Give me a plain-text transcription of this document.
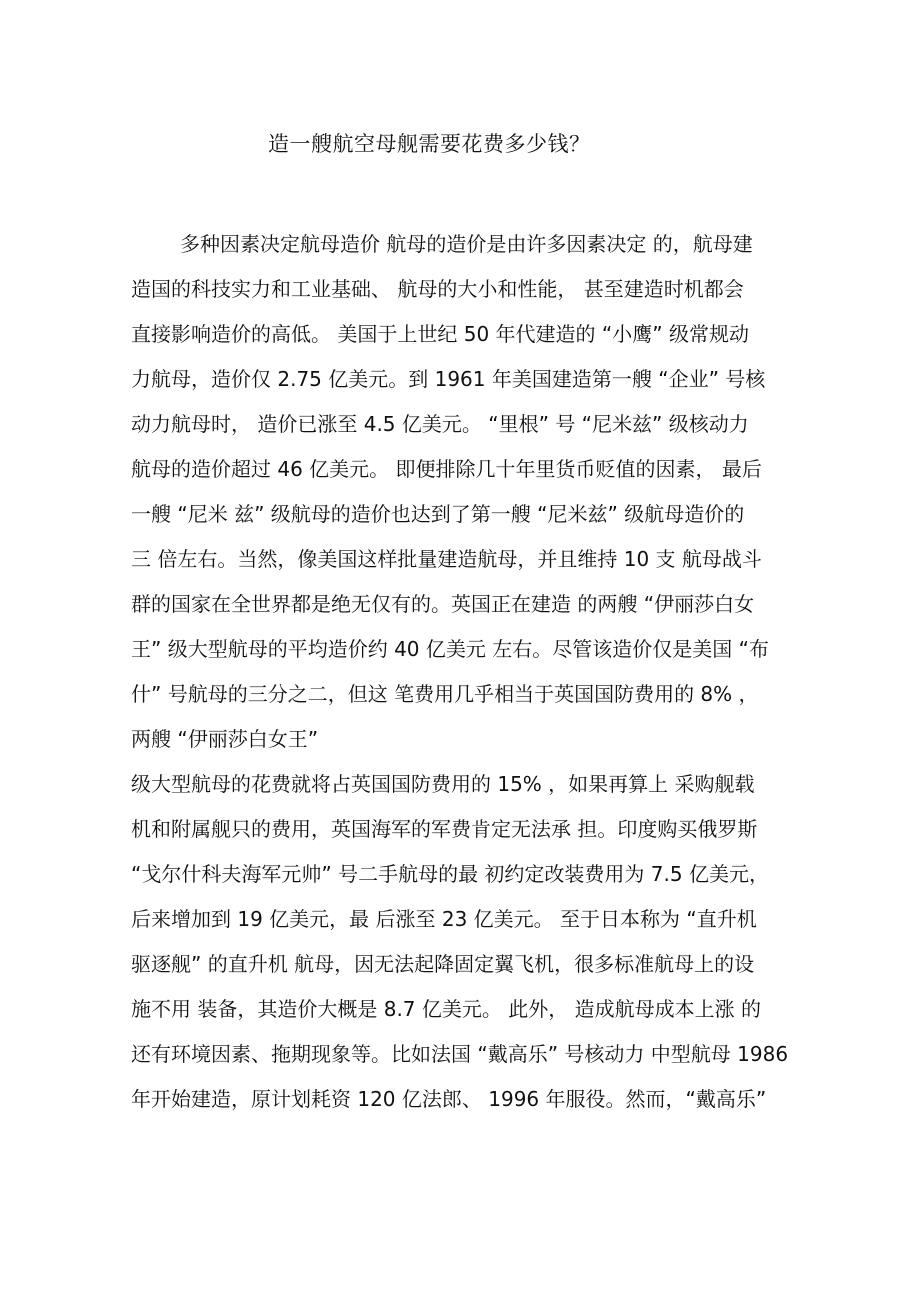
造一艘航空母舰需要花费多少钱？
多种因素决定航母造价 航母的造价是由许多因素决定 的，航母建
造国的科技实力和工业基础、 航母的大小和性能， 甚至建造时机都会
直接影响造价的高低。 美国于上世纪 50 年代建造的 “小鹰” 级常规动
力航母，造价仅 2.75 亿美元。到 1961 年美国建造第一艘 “企业” 号核
动力航母时， 造价已涨至 4.5 亿美元。 “里根” 号 “尼米兹” 级核动力
航母的造价超过 46 亿美元。 即便排除几十年里货币贬值的因素， 最后
一艘 “尼米 兹” 级航母的造价也达到了第一艘 “尼米兹” 级航母造价的
三 倍左右。当然，像美国这样批量建造航母，并且维持 10 支 航母战斗
群的国家在全世界都是绝无仅有的。英国正在建造 的两艘 “伊丽莎白女
王” 级大型航母的平均造价约 40 亿美元 左右。尽管该造价仅是美国 “布
什” 号航母的三分之二，但这 笔费用几乎相当于英国国防费用的 8% ，
两艘 “伊丽莎白女王”
级大型航母的花费就将占英国国防费用的 15% ，如果再算上 采购舰载
机和附属舰只的费用，英国海军的军费肯定无法承 担。印度购买俄罗斯
“戈尔什科夫海军元帅” 号二手航母的最 初约定改装费用为 7.5 亿美元，
后来增加到 19 亿美元，最 后涨至 23 亿美元。 至于日本称为 “直升机
驱逐舰” 的直升机 航母，因无法起降固定翼飞机，很多标准航母上的设
施不用 装备，其造价大概是 8.7 亿美元。 此外， 造成航母成本上涨 的
还有环境因素、拖期现象等。比如法国 “戴高乐” 号核动力 中型航母 1986
年开始建造，原计划耗资 120 亿法郎、 1996 年服役。然而，“戴高乐”
